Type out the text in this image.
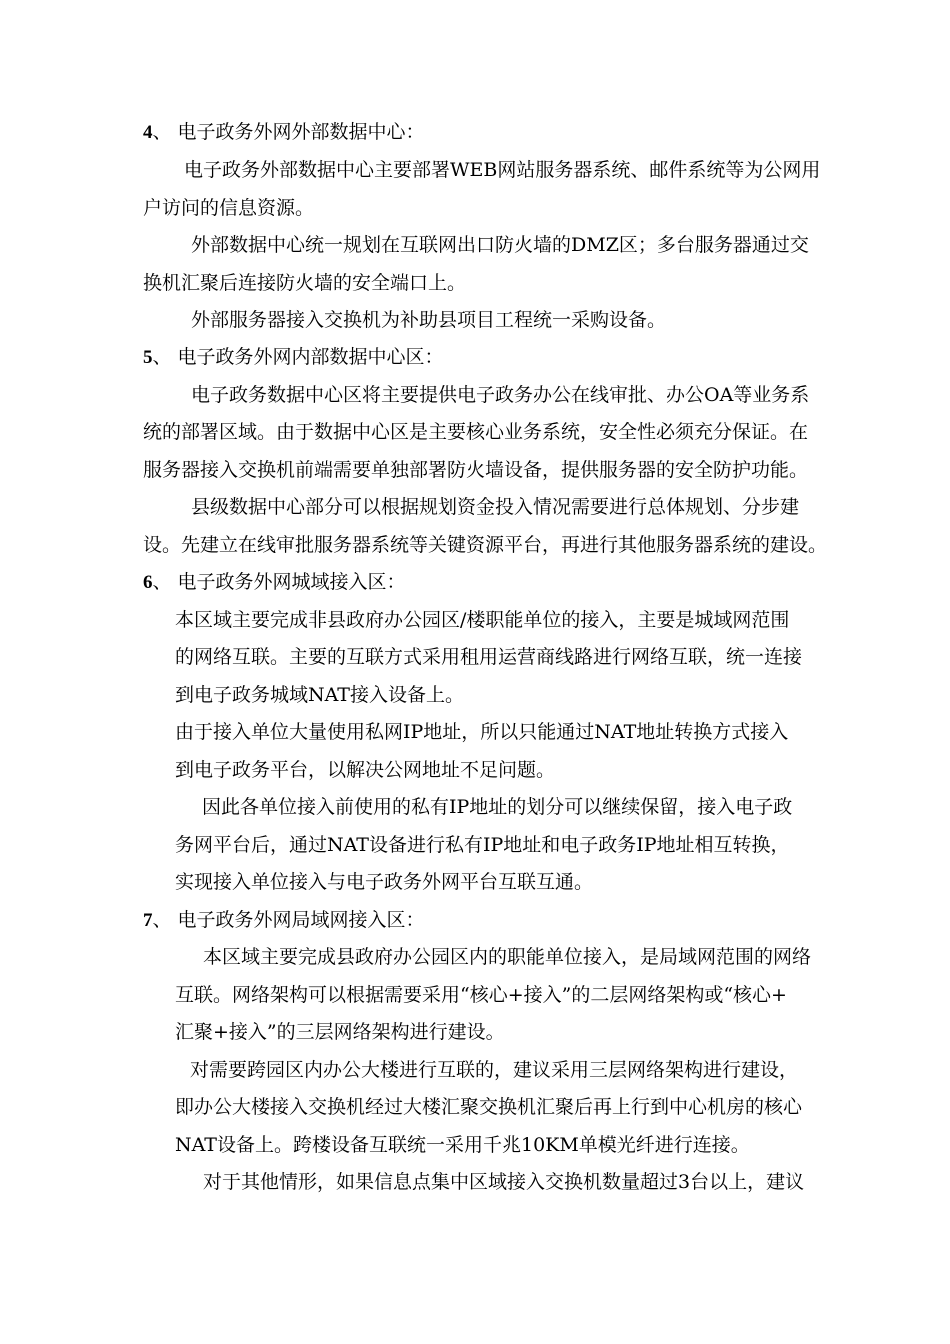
4、 电子政务外网外部数据中心：
电子政务外部数据中心主要部署WEB网站服务器系统、邮件系统等为公网用
户访问的信息资源。
外部数据中心统一规划在互联网出口防火墙的DMZ区；多台服务器通过交
换机汇聚后连接防火墙的安全端口上。
外部服务器接入交换机为补助县项目工程统一采购设备。
5、 电子政务外网内部数据中心区：
电子政务数据中心区将主要提供电子政务办公在线审批、办公OA等业务系
统的部署区域。由于数据中心区是主要核心业务系统，安全性必须充分保证。在
服务器接入交换机前端需要单独部署防火墙设备，提供服务器的安全防护功能。
县级数据中心部分可以根据规划资金投入情况需要进行总体规划、分步建
设。先建立在线审批服务器系统等关键资源平台，再进行其他服务器系统的建设。
6、 电子政务外网城域接入区：
本区域主要完成非县政府办公园区/楼职能单位的接入，主要是城域网范围
的网络互联。主要的互联方式采用租用运营商线路进行网络互联，统一连接
到电子政务城域NAT接入设备上。
由于接入单位大量使用私网IP地址，所以只能通过NAT地址转换方式接入
到电子政务平台，以解决公网地址不足问题。
因此各单位接入前使用的私有IP地址的划分可以继续保留，接入电子政
务网平台后，通过NAT设备进行私有IP地址和电子政务IP地址相互转换，
实现接入单位接入与电子政务外网平台互联互通。
7、 电子政务外网局域网接入区：
本区域主要完成县政府办公园区内的职能单位接入，是局域网范围的网络
互联。网络架构可以根据需要采用“核心+接入”的二层网络架构或“核心+
汇聚+接入”的三层网络架构进行建设。
对需要跨园区内办公大楼进行互联的，建议采用三层网络架构进行建设，
即办公大楼接入交换机经过大楼汇聚交换机汇聚后再上行到中心机房的核心
NAT设备上。跨楼设备互联统一采用千兆10KM单模光纤进行连接。
对于其他情形，如果信息点集中区域接入交换机数量超过3台以上，建议
